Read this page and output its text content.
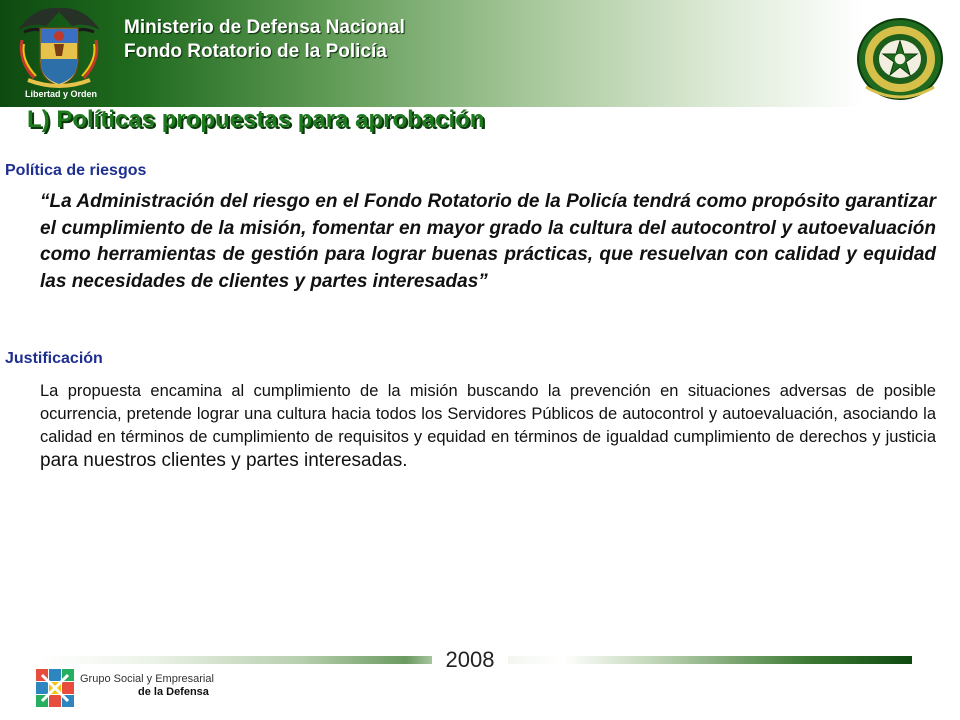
Libertad y Orden
Ministerio de Defensa Nacional
Fondo Rotatorio de la Policía
L) Políticas propuestas para aprobación
Política de riesgos

“La Administración del riesgo en el Fondo Rotatorio de la Policía tendrá como propósito garantizar el cumplimiento de la misión, fomentar en mayor grado la cultura del autocontrol y autoevaluación como herramientas de gestión para lograr buenas prácticas, que resuelvan con calidad y equidad las necesidades de clientes y partes interesadas”

Justificación

La propuesta encamina al cumplimiento de la misión buscando la prevención en situaciones adversas de posible ocurrencia, pretende lograr una cultura hacia todos los Servidores Públicos de autocontrol y autoevaluación, asociando la calidad en términos de cumplimiento de requisitos y equidad en términos de igualdad cumplimiento de derechos y justicia para nuestros clientes y partes interesadas.

2008
Grupo Social y Empresarial
de la Defensa
